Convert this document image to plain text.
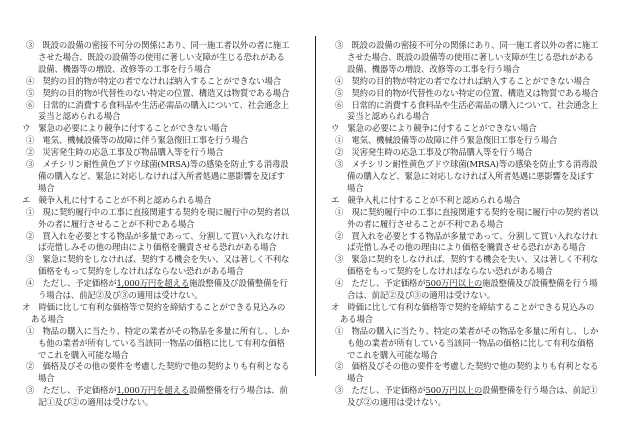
③　既設の設備の密接不可分の関係にあり、同一施工者以外の者に施工させた場合、既設の設備等の使用に著しい支障が生じる恐れがある設備、機器等の増設、改修等の工事を行う場合

④　契約の目的物が特定の者でなければ納入することができない場合

⑤　契約の目的物が代替性のない特定の位置、構造又は物質である場合

⑥　日常的に消費する食料品や生活必需品の購入について、社会通念上妥当と認められる場合

ウ　緊急の必要により競争に付することができない場合

①　電気、機械設備等の故障に伴う緊急復旧工事を行う場合

②　災害発生時の応急工事及び物品購入等を行う場合

③　メチシリン耐性黄色ブドウ球菌(MRSA)等の感染を防止する消毒設備の購入など、緊急に対応しなければ入所者処遇に悪影響を及ぼす場合

エ　競争入札に付することが不利と認められる場合

①　現に契約履行中の工事に直接関連する契約を現に履行中の契約者以外の者に履行させることが不利である場合

②　買入れを必要とする物品が多量であって、分割して買い入れなければ売惜しみその他の理由により価格を騰貴させる恐れがある場合

③　緊急に契約をしなければ、契約する機会を失い、又は著しく不利な価格をもって契約をしなければならない恐れがある場合

④　ただし、予定価格が1,000万円を超える施設整備及び設備整備を行う場合は、前記②及び③の適用は受けない。

オ　時価に比して有利な価格等で契約を締結することができる見込みのある場合

①　物品の購入に当たり、特定の業者がその物品を多量に所有し、しかも他の業者が所有している当該同一物品の価格に比して有利な価格でこれを購入可能な場合

②　価格及びその他の要件を考慮した契約で他の契約よりも有利となる場合

③　ただし、予定価格が1,000万円を超える設備整備を行う場合は、前記①及び②の適用は受けない。

③　既設の設備の密接不可分の関係にあり、同一施工者以外の者に施工させた場合、既設の設備等の使用に著しい支障が生じる恐れがある設備、機器等の増設、改修等の工事を行う場合

④　契約の目的物が特定の者でなければ納入することができない場合

⑤　契約の目的物が代替性のない特定の位置、構造又は物質である場合

⑥　日常的に消費する食料品や生活必需品の購入について、社会通念上妥当と認められる場合

ウ　緊急の必要により競争に付することができない場合

①　電気、機械設備等の故障に伴う緊急復旧工事を行う場合

②　災害発生時の応急工事及び物品購入等を行う場合

③　メチシリン耐性黄色ブドウ球菌(MRSA)等の感染を防止する消毒設備の購入など、緊急に対応しなければ入所者処遇に悪影響を及ぼす場合

エ　競争入札に付することが不利と認められる場合

①　現に契約履行中の工事に直接関連する契約を現に履行中の契約者以外の者に履行させることが不利である場合

②　買入れを必要とする物品が多量であって、分割して買い入れなければ売惜しみその他の理由により価格を騰貴させる恐れがある場合

③　緊急に契約をしなければ、契約する機会を失い、又は著しく不利な価格をもって契約をしなければならない恐れがある場合

④　ただし、予定価格が500万円以上の施設整備及び設備整備を行う場合は、前記②及び③の適用は受けない。

オ　時価に比して有利な価格等で契約を締結することができる見込みのある場合

①　物品の購入に当たり、特定の業者がその物品を多量に所有し、しかも他の業者が所有している当該同一物品の価格に比して有利な価格でこれを購入可能な場合

②　価格及びその他の要件を考慮した契約で他の契約よりも有利となる場合

③　ただし、予定価格が500万円以上の設備整備を行う場合は、前記①及び②の適用は受けない。
